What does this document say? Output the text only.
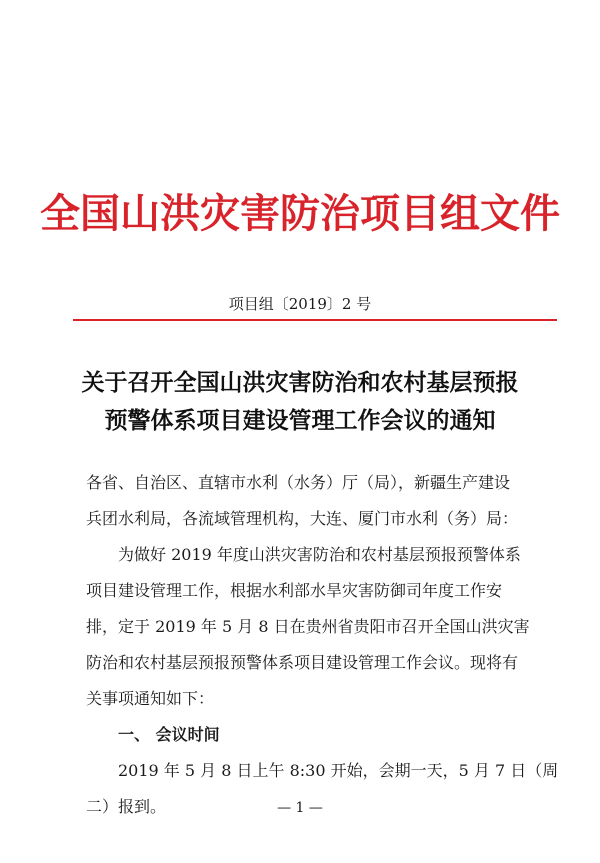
全国山洪灾害防治项目组文件
项目组〔2019〕2 号
关于召开全国山洪灾害防治和农村基层预报
预警体系项目建设管理工作会议的通知
各省、自治区、直辖市水利（水务）厅（局），新疆生产建设
兵团水利局，各流域管理机构，大连、厦门市水利（务）局：
为做好 2019 年度山洪灾害防治和农村基层预报预警体系
项目建设管理工作，根据水利部水旱灾害防御司年度工作安
排，定于 2019 年 5 月 8 日在贵州省贵阳市召开全国山洪灾害
防治和农村基层预报预警体系项目建设管理工作会议。现将有
关事项通知如下：
一、 会议时间
2019 年 5 月 8 日上午 8:30 开始，会期一天，5 月 7 日（周
二）报到。	— 1 —
